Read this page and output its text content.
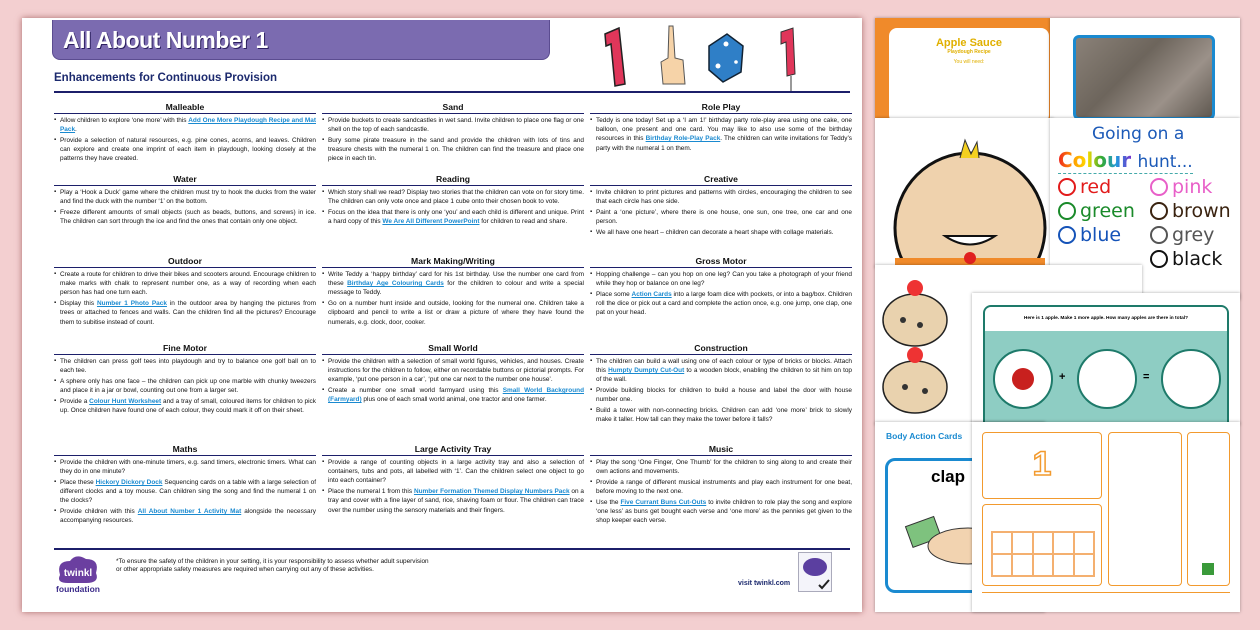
All About Number 1
Enhancements for Continuous Provision
Malleable
▪ Allow children to explore ‘one more’ with this Add One More Playdough Recipe and Mat Pack.
▪ Provide a selection of natural resources, e.g. pine cones, acorns, and leaves. Children can explore and create one imprint of each item in playdough, looking closely at the patterns they have created.
Water
▪ Play a ‘Hook a Duck’ game where the children must try to hook the ducks from the water and find the duck with the number ‘1’ on the bottom.
▪ Freeze different amounts of small objects (such as beads, buttons, and screws) in ice. The children can sort through the ice and find the ones that contain only one object.
Outdoor
▪ Create a route for children to drive their bikes and scooters around. Encourage children to make marks with chalk to represent number one, as a way of recording when each person has had one turn each.
▪ Display this Number 1 Photo Pack in the outdoor area by hanging the pictures from trees or attached to fences and walls. Can the children find all the pictures? Encourage them to subitise instead of count.
Fine Motor
▪ The children can press golf tees into playdough and try to balance one golf ball on to each tee.
▪ A sphere only has one face – the children can pick up one marble with chunky tweezers and place it in a jar or bowl, counting out one from a larger set.
▪ Provide a Colour Hunt Worksheet and a tray of small, coloured items for children to pick up. Once children have found one of each colour, they could mark it off on their sheet.
Maths
▪ Provide the children with one-minute timers, e.g. sand timers, electronic timers. What can they do in one minute?
▪ Place these Hickory Dickory Dock Sequencing cards on a table with a large selection of different clocks and a toy mouse. Can children sing the song and find the numeral 1 on the clocks?
▪ Provide children with this All About Number 1 Activity Mat alongside the necessary accompanying resources.
Sand
▪ Provide buckets to create sandcastles in wet sand. Invite children to place one flag or one shell on the top of each sandcastle.
▪ Bury some pirate treasure in the sand and provide the children with lots of tins and treasure chests with the numeral 1 on. The children can find the treasure and place one piece in each tin.
Reading
▪ Which story shall we read? Display two stories that the children can vote on for story time. The children can only vote once and place 1 cube onto their chosen book to vote.
▪ Focus on the idea that there is only one ‘you’ and each child is different and unique. Print a hard copy of this We Are All Different PowerPoint for children to read and share.
Mark Making/Writing
▪ Write Teddy a ‘happy birthday’ card for his 1st birthday. Use the number one card from these Birthday Age Colouring Cards for the children to colour and write a special message to Teddy.
▪ Go on a number hunt inside and outside, looking for the numeral one. Children take a clipboard and pencil to write a list or draw a picture of where they have found the numerals, e.g. clock, door, cooker.
Small World
▪ Provide the children with a selection of small world figures, vehicles, and houses. Create instructions for the children to follow, either on recordable buttons or pictorial prompts. For example, ‘put one person in a car’, ‘put one car next to the number one house’.
▪ Create a number one small world farmyard using this Small World Background (Farmyard) plus one of each small world animal, one tractor and one farmer.
Large Activity Tray
▪ Provide a range of counting objects in a large activity tray and also a selection of containers, tubs and pots, all labelled with ‘1’. Can the children select one object to go into each container?
▪ Place the numeral 1 from this Number Formation Themed Display Numbers Pack on a tray and cover with a fine layer of sand, rice, shaving foam or flour. The children can trace over the number using the sensory materials and their fingers.
Role Play
▪ Teddy is one today! Set up a ‘I am 1!’ birthday party role-play area using one cake, one balloon, one present and one card. You may like to also use some of the birthday resources in this Birthday Role-Play Pack. The children can write invitations for Teddy’s party with the numeral 1 on them.
Creative
▪ Invite children to print pictures and patterns with circles, encouraging the children to see that each circle has one side.
▪ Paint a ‘one picture’, where there is one house, one sun, one tree, one car and one person.
▪ We all have one heart – children can decorate a heart shape with collage materials.
Gross Motor
▪ Hopping challenge – can you hop on one leg? Can you take a photograph of your friend while they hop or balance on one leg?
▪ Place some Action Cards into a large foam dice with pockets, or into a bag/box. Children roll the dice or pick out a card and complete the action once, e.g. one jump, one clap, one pat on your head.
Construction
▪ The children can build a wall using one of each colour or type of bricks or blocks. Attach this Humpty Dumpty Cut-Out to a wooden block, enabling the children to sit him on top of the wall.
▪ Provide building blocks for children to build a house and label the door with house number one.
▪ Build a tower with non-connecting bricks. Children can add ‘one more’ brick to slowly make it taller. How tall can they make the tower before it falls?
Music
▪ Play the song ‘One Finger, One Thumb’ for the children to sing along to and create their own actions and movements.
▪ Provide a range of different musical instruments and play each instrument for one beat, before moving to the next one.
▪ Use the Five Currant Buns Cut-Outs to invite children to role play the song and explore ‘one less’ as buns get bought each verse and ‘one more’ as the pennies get given to the shop keeper each verse.
twinkl
foundation
*To ensure the safety of the children in your setting, it is your responsibility to assess whether adult supervision or other appropriate safety measures are required when carrying out any of these activities.
visit twinkl.com
Apple Sauce
Playdough Recipe
You will need:
Going on a
Colour hunt...
red	pink
green brown
blue	grey
black
Here is 1 apple. Make 1 more apple. How many apples are there in total?
+	=
Body Action Cards
clap	1
